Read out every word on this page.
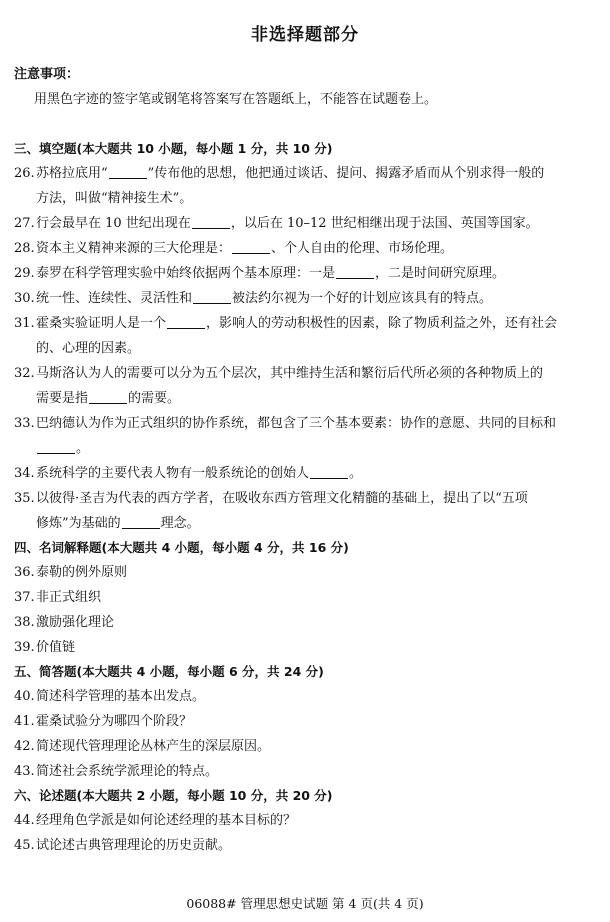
非选择题部分
注意事项：
用黑色字迹的签字笔或钢笔将答案写在答题纸上，不能答在试题卷上。
三、填空题(本大题共 10 小题，每小题 1 分，共 10 分)
26. 苏格拉底用“	”传布他的思想，他把通过谈话、提问、揭露矛盾而从个别求得一般的
方法，叫做“精神接生术”。
27. 行会最早在 10 世纪出现在	，以后在 10–12 世纪相继出现于法国、英国等国家。
28. 资本主义精神来源的三大伦理是：	、个人自由的伦理、市场伦理。
29. 泰罗在科学管理实验中始终依据两个基本原理：一是	，二是时间研究原理。
30. 统一性、连续性、灵活性和	被法约尔视为一个好的计划应该具有的特点。
31. 霍桑实验证明人是一个	，影响人的劳动积极性的因素，除了物质利益之外，还有社会
的、心理的因素。
32. 马斯洛认为人的需要可以分为五个层次，其中维持生活和繁衍后代所必须的各种物质上的
需要是指	的需要。
33. 巴纳德认为作为正式组织的协作系统，都包含了三个基本要素：协作的意愿、共同的目标和
。
34. 系统科学的主要代表人物有一般系统论的创始人	。
35. 以彼得·圣吉为代表的西方学者，在吸收东西方管理文化精髓的基础上，提出了以“五项
修炼”为基础的	理念。
四、名词解释题(本大题共 4 小题，每小题 4 分，共 16 分)
36. 泰勒的例外原则
37. 非正式组织
38. 激励强化理论
39. 价值链
五、简答题(本大题共 4 小题，每小题 6 分，共 24 分)
40. 简述科学管理的基本出发点。
41. 霍桑试验分为哪四个阶段？
42. 简述现代管理理论丛林产生的深层原因。
43. 简述社会系统学派理论的特点。
六、论述题(本大题共 2 小题，每小题 10 分，共 20 分)
44. 经理角色学派是如何论述经理的基本目标的？
45. 试论述古典管理理论的历史贡献。
06088# 管理思想史试题 第 4 页(共 4 页)
